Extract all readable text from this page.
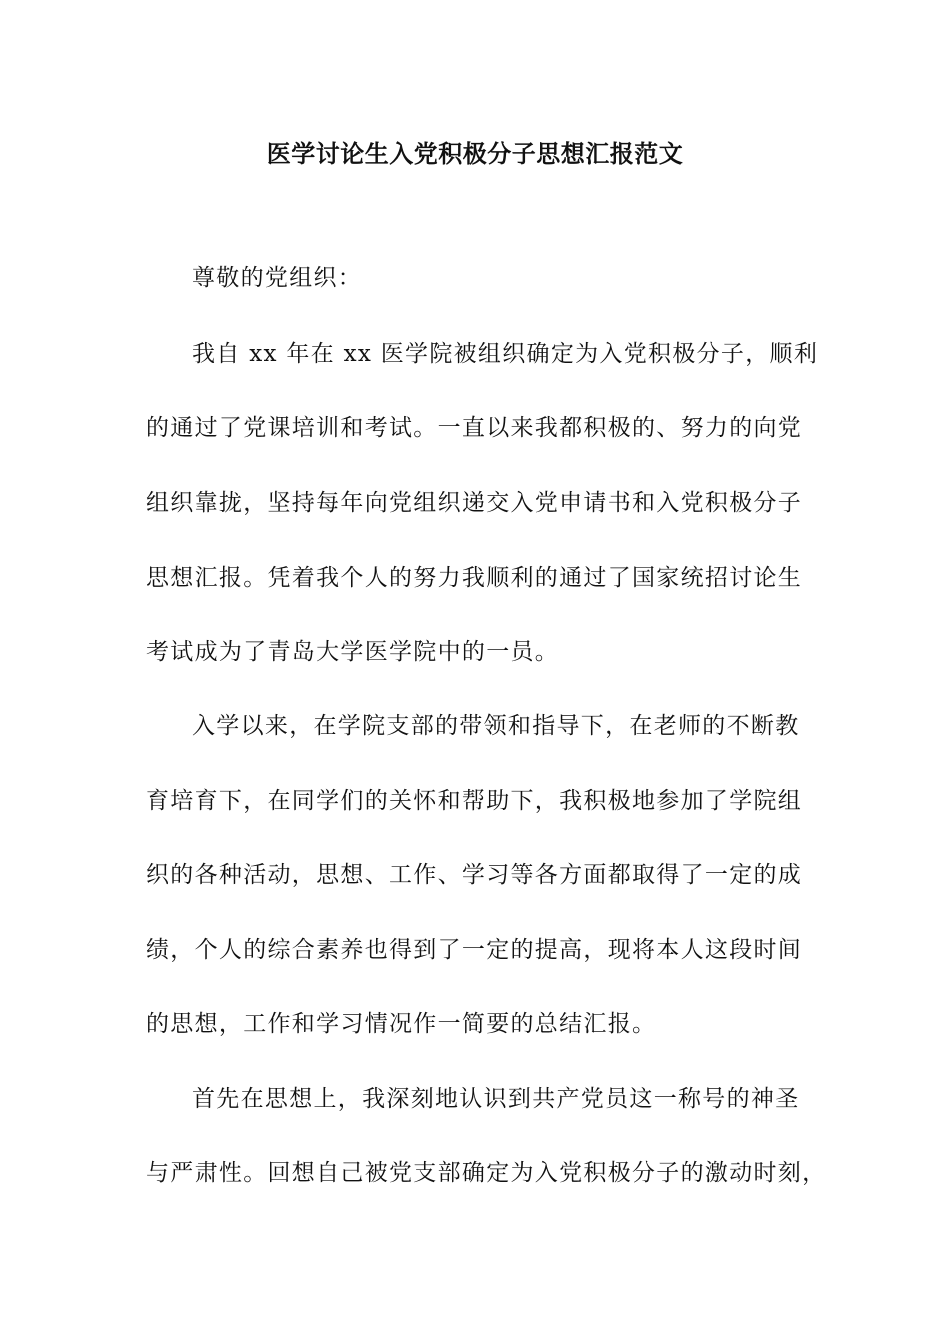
医学讨论生入党积极分子思想汇报范文
尊敬的党组织：
我自 xx 年在 xx 医学院被组织确定为入党积极分子，顺利
的通过了党课培训和考试。一直以来我都积极的、努力的向党
组织靠拢，坚持每年向党组织递交入党申请书和入党积极分子
思想汇报。凭着我个人的努力我顺利的通过了国家统招讨论生
考试成为了青岛大学医学院中的一员。
入学以来，在学院支部的带领和指导下，在老师的不断教
育培育下，在同学们的关怀和帮助下，我积极地参加了学院组
织的各种活动，思想、工作、学习等各方面都取得了一定的成
绩，个人的综合素养也得到了一定的提高，现将本人这段时间
的思想，工作和学习情况作一简要的总结汇报。
首先在思想上，我深刻地认识到共产党员这一称号的神圣
与严肃性。回想自己被党支部确定为入党积极分子的激动时刻，
